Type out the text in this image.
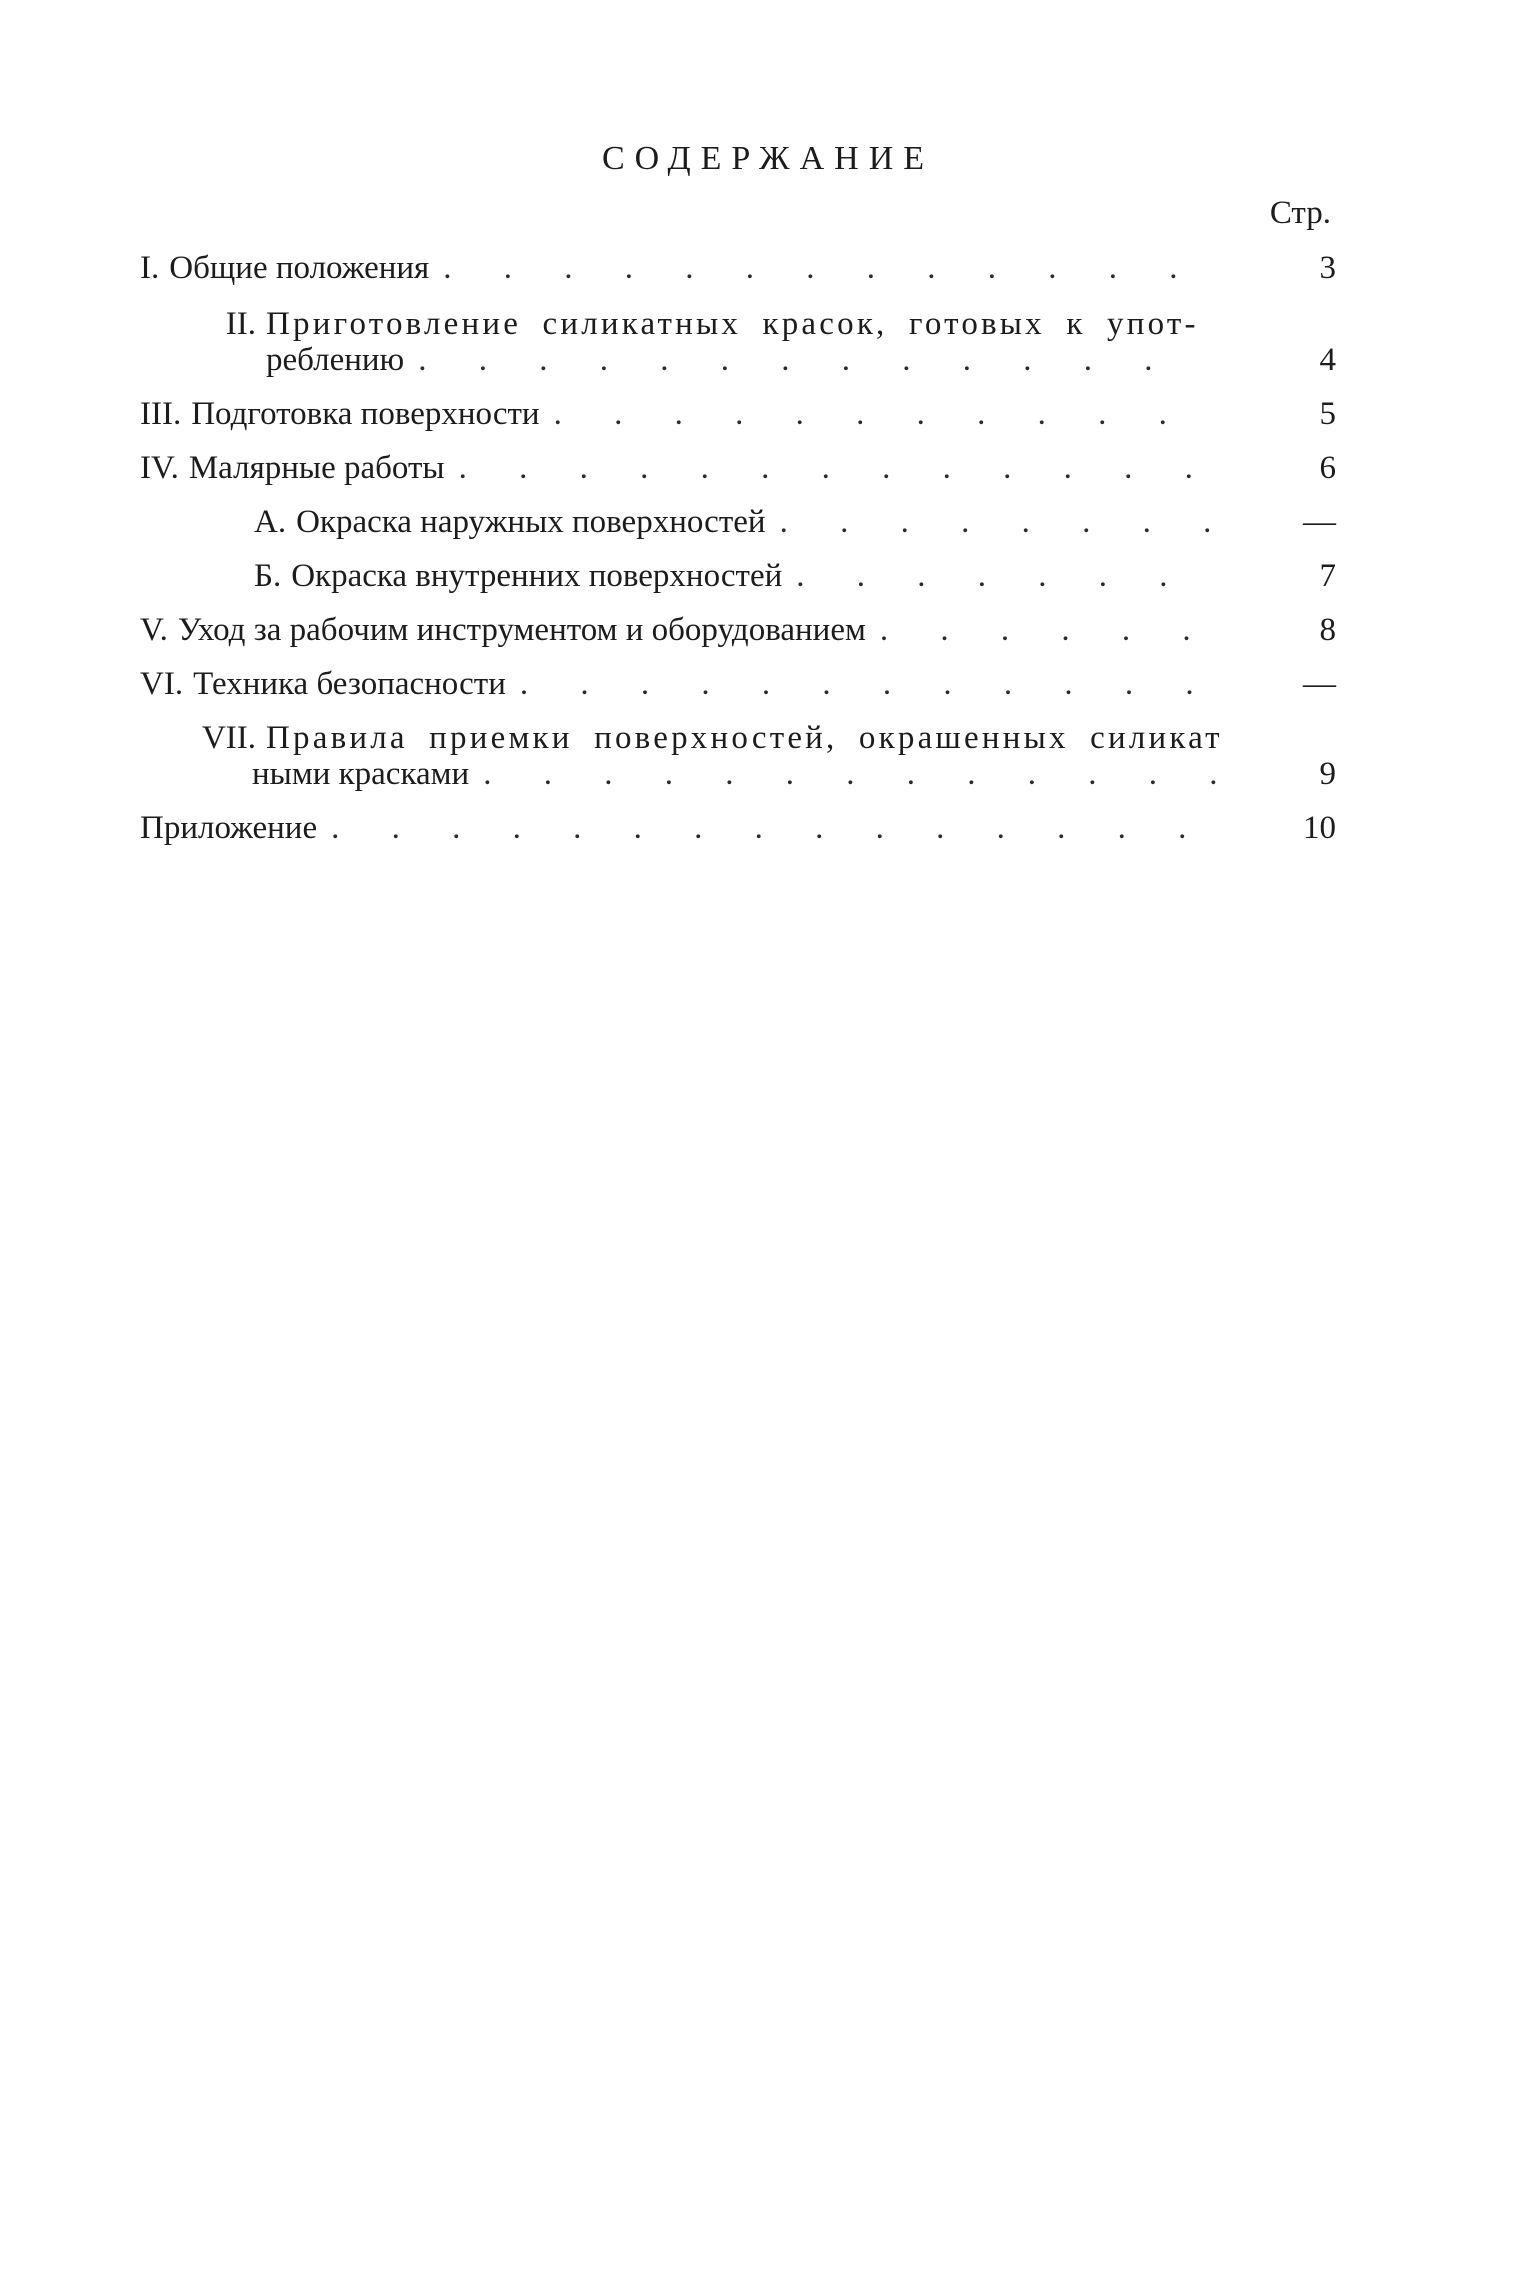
СОДЕРЖАНИЕ
Стр.
I. Общие положения . . .	3
II. Приготовление силикатных красок, готовых к упот-
реблению . . .	4
III. Подготовка поверхности . . .	5
IV. Малярные работы . . .	6
А. Окраска наружных поверхностей . . .	—
Б. Окраска внутренних поверхностей . . .	7
V. Уход за рабочим инструментом и оборудованием . . .	8
VI. Техника безопасности . . .	—
VII. Правила приемки поверхностей, окрашенных силикат
ными красками . . .	9
Приложение . . .	10
